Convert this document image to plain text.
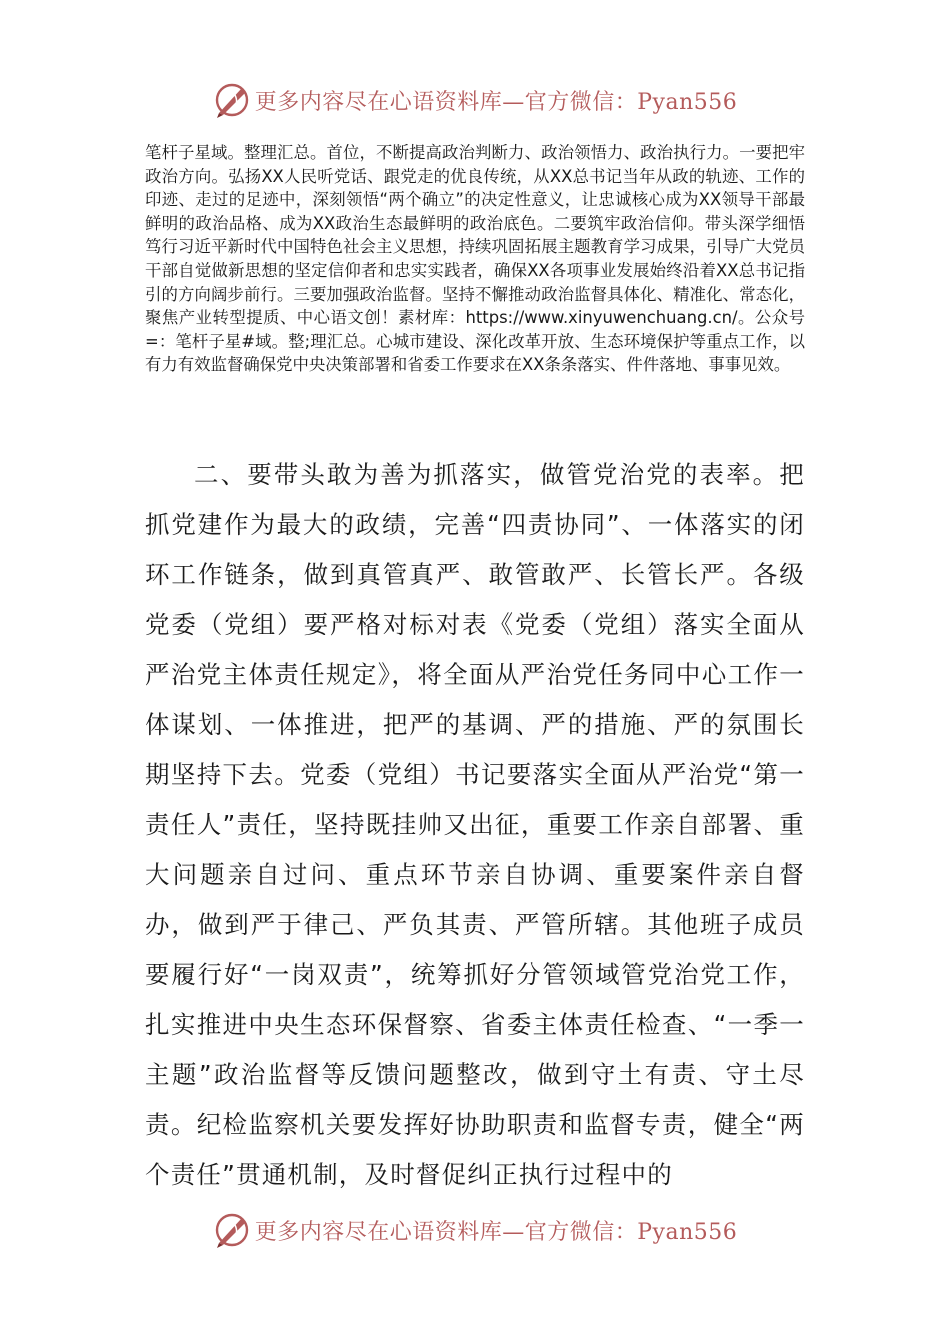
更多内容尽在心语资料库—官方微信：Pyan556

笔杆子星域。整理汇总。首位，不断提高政治判断力、政治领悟力、政治执行力。一要把牢政治方向。弘扬XX人民听党话、跟党走的优良传统，从XX总书记当年从政的轨迹、工作的印迹、走过的足迹中，深刻领悟“两个确立”的决定性意义，让忠诚核心成为XX领导干部最鲜明的政治品格、成为XX政治生态最鲜明的政治底色。二要筑牢政治信仰。带头深学细悟笃行习近平新时代中国特色社会主义思想，持续巩固拓展主题教育学习成果，引导广大党员干部自觉做新思想的坚定信仰者和忠实实践者，确保XX各项事业发展始终沿着XX总书记指引的方向阔步前行。三要加强政治监督。坚持不懈推动政治监督具体化、精准化、常态化，聚焦产业转型提质、中心语文创！素材库：https://www.xinyuwenchuang.cn/。公众号=：笔杆子星#域。整;理汇总。心城市建设、深化改革开放、生态环境保护等重点工作，以有力有效监督确保党中央决策部署和省委工作要求在XX条条落实、件件落地、事事见效。

二、要带头敢为善为抓落实，做管党治党的表率。把抓党建作为最大的政绩，完善“四责协同”、一体落实的闭环工作链条，做到真管真严、敢管敢严、长管长严。各级党委（党组）要严格对标对表《党委（党组）落实全面从严治党主体责任规定》，将全面从严治党任务同中心工作一体谋划、一体推进，把严的基调、严的措施、严的氛围长期坚持下去。党委（党组）书记要落实全面从严治党“第一责任人”责任，坚持既挂帅又出征，重要工作亲自部署、重大问题亲自过问、重点环节亲自协调、重要案件亲自督办，做到严于律己、严负其责、严管所辖。其他班子成员要履行好“一岗双责”，统筹抓好分管领域管党治党工作，扎实推进中央生态环保督察、省委主体责任检查、“一季一主题”政治监督等反馈问题整改，做到守土有责、守土尽责。纪检监察机关要发挥好协助职责和监督专责，健全“两个责任”贯通机制，及时督促纠正执行过程中的

更多内容尽在心语资料库—官方微信：Pyan556
